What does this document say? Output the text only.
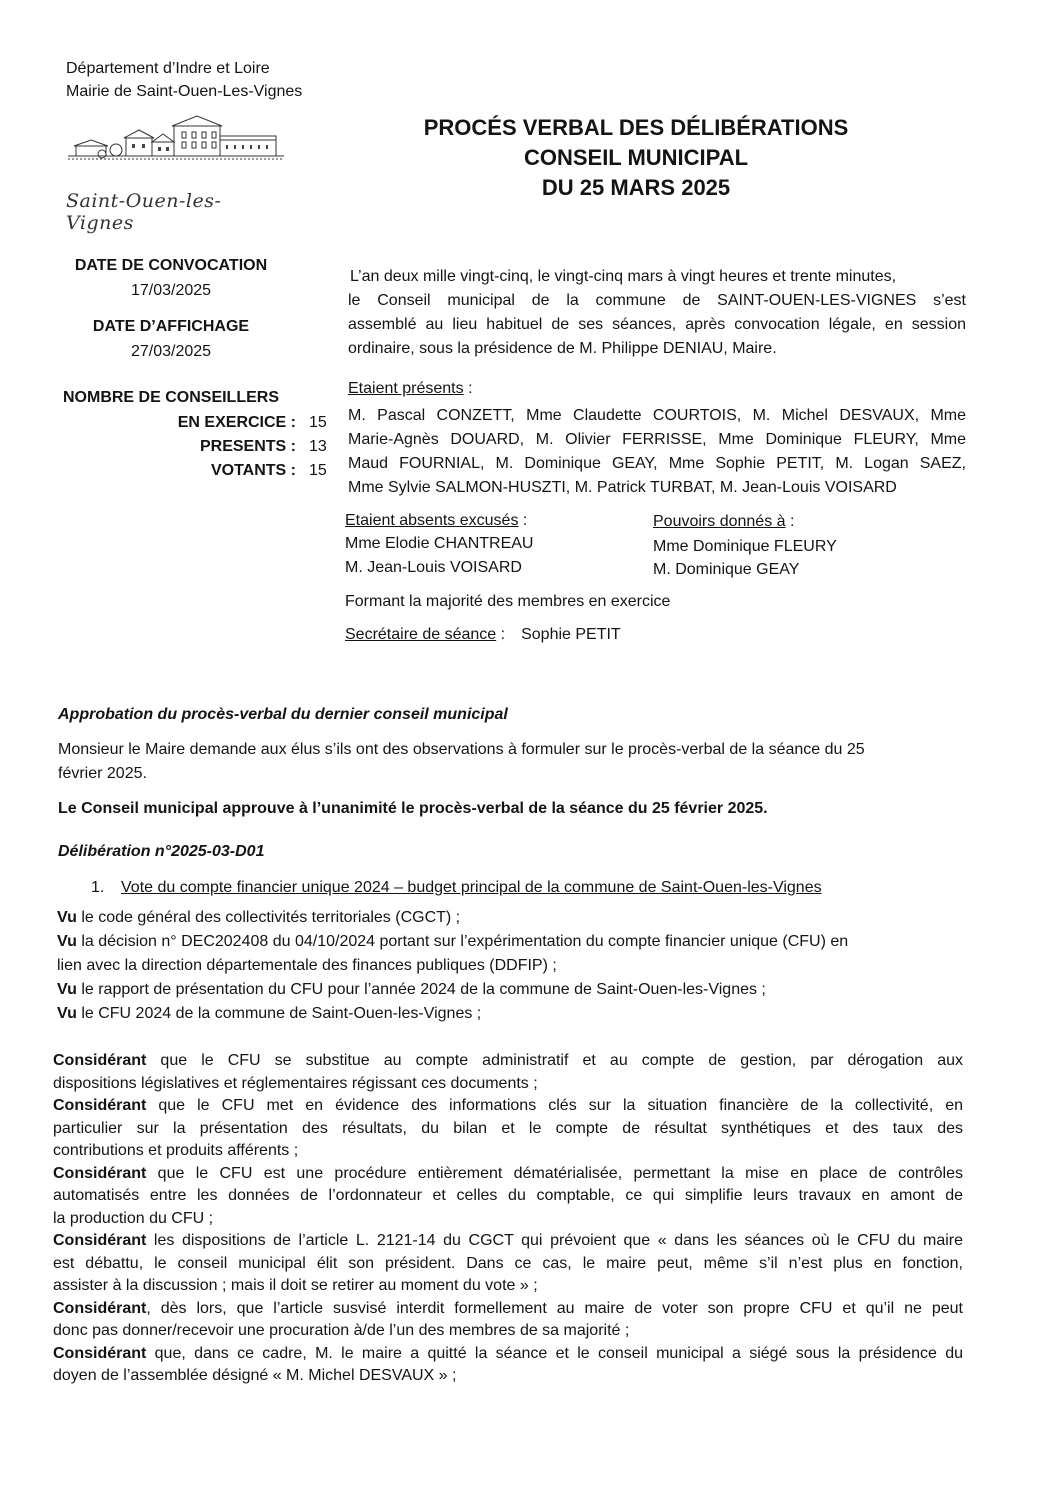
Département d’Indre et Loire
Mairie de Saint-Ouen-Les-Vignes
Saint-Ouen-les-Vignes
PROCÉS VERBAL DES DÉLIBÉRATIONS
CONSEIL MUNICIPAL
DU 25 MARS 2025
DATE DE CONVOCATION
17/03/2025
DATE D’AFFICHAGE
27/03/2025
NOMBRE DE CONSEILLERS
EN EXERCICE : 15
PRESENTS : 13
VOTANTS : 15
L’an deux mille vingt-cinq, le vingt-cinq mars à vingt heures et trente minutes,
le Conseil municipal de la commune de SAINT-OUEN-LES-VIGNES s’est
assemblé au lieu habituel de ses séances, après convocation légale, en session
ordinaire, sous la présidence de M. Philippe DENIAU, Maire.
Etaient présents :
M. Pascal CONZETT, Mme Claudette COURTOIS, M. Michel DESVAUX, Mme
Marie-Agnès DOUARD, M. Olivier FERRISSE, Mme Dominique FLEURY, Mme
Maud FOURNIAL, M. Dominique GEAY, Mme Sophie PETIT, M. Logan SAEZ,
Mme Sylvie SALMON-HUSZTI, M. Patrick TURBAT, M. Jean-Louis VOISARD
Etaient absents excusés :
Mme Elodie CHANTREAU
M. Jean-Louis VOISARD
Pouvoirs donnés à :
Mme Dominique FLEURY
M. Dominique GEAY
Formant la majorité des membres en exercice
Secrétaire de séance : Sophie PETIT
Approbation du procès-verbal du dernier conseil municipal
Monsieur le Maire demande aux élus s’ils ont des observations à formuler sur le procès-verbal de la séance du 25
février 2025.
Le Conseil municipal approuve à l’unanimité le procès-verbal de la séance du 25 février 2025.
Délibération n°2025-03-D01
1. Vote du compte financier unique 2024 – budget principal de la commune de Saint-Ouen-les-Vignes
Vu le code général des collectivités territoriales (CGCT) ;
Vu la décision n° DEC202408 du 04/10/2024 portant sur l’expérimentation du compte financier unique (CFU) en
lien avec la direction départementale des finances publiques (DDFIP) ;
Vu le rapport de présentation du CFU pour l’année 2024 de la commune de Saint-Ouen-les-Vignes ;
Vu le CFU 2024 de la commune de Saint-Ouen-les-Vignes ;
Considérant que le CFU se substitue au compte administratif et au compte de gestion, par dérogation aux
dispositions législatives et réglementaires régissant ces documents ;
Considérant que le CFU met en évidence des informations clés sur la situation financière de la collectivité, en
particulier sur la présentation des résultats, du bilan et le compte de résultat synthétiques et des taux des
contributions et produits afférents ;
Considérant que le CFU est une procédure entièrement dématérialisée, permettant la mise en place de contrôles
automatisés entre les données de l’ordonnateur et celles du comptable, ce qui simplifie leurs travaux en amont de
la production du CFU ;
Considérant les dispositions de l’article L. 2121-14 du CGCT qui prévoient que « dans les séances où le CFU du maire
est débattu, le conseil municipal élit son président. Dans ce cas, le maire peut, même s’il n’est plus en fonction,
assister à la discussion ; mais il doit se retirer au moment du vote » ;
Considérant, dès lors, que l’article susvisé interdit formellement au maire de voter son propre CFU et qu’il ne peut
donc pas donner/recevoir une procuration à/de l’un des membres de sa majorité ;
Considérant que, dans ce cadre, M. le maire a quitté la séance et le conseil municipal a siégé sous la présidence du
doyen de l’assemblée désigné « M. Michel DESVAUX » ;
